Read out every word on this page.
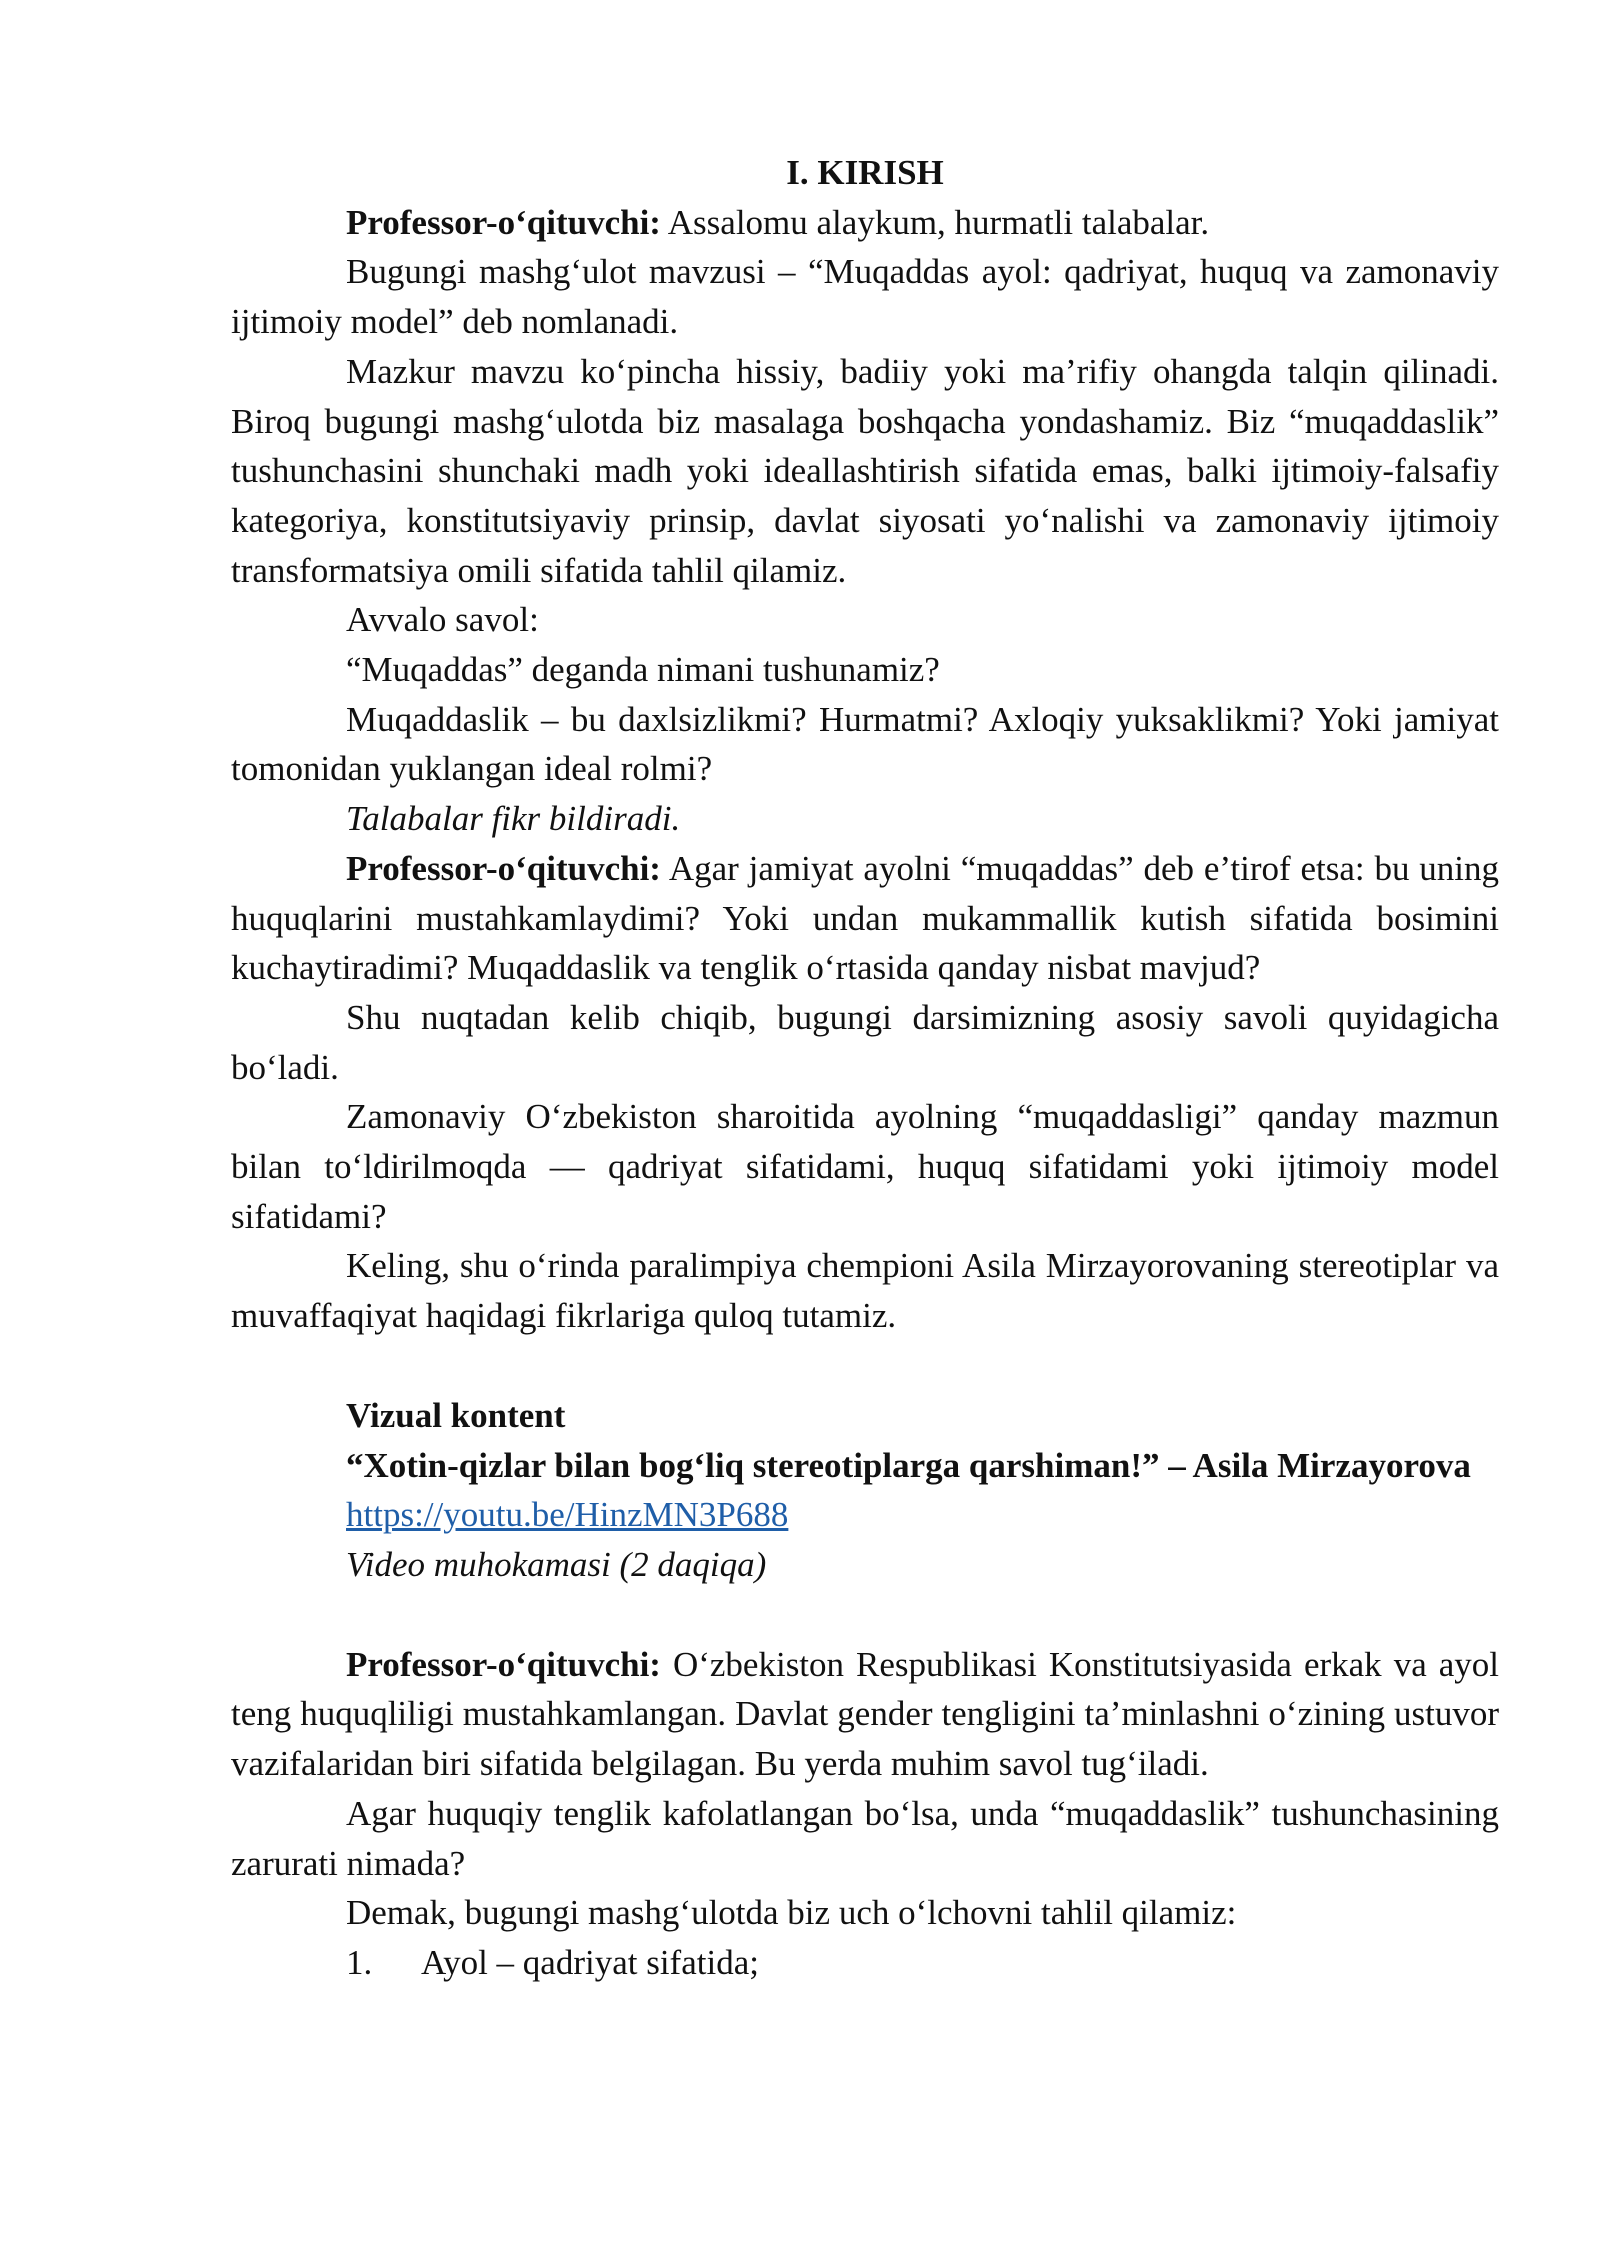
I. KIRISH

Professor-o‘qituvchi: Assalomu alaykum, hurmatli talabalar.

Bugungi mashg‘ulot mavzusi – “Muqaddas ayol: qadriyat, huquq va zamonaviy ijtimoiy model” deb nomlanadi.

Mazkur mavzu ko‘pincha hissiy, badiiy yoki ma’rifiy ohangda talqin qilinadi. Biroq bugungi mashg‘ulotda biz masalaga boshqacha yondashamiz. Biz “muqaddaslik” tushunchasini shunchaki madh yoki ideallashtirish sifatida emas, balki ijtimoiy-falsafiy kategoriya, konstitutsiyaviy prinsip, davlat siyosati yo‘nalishi va zamonaviy ijtimoiy transformatsiya omili sifatida tahlil qilamiz.

Avvalo savol:

“Muqaddas” deganda nimani tushunamiz?

Muqaddaslik – bu daxlsizlikmi? Hurmatmi? Axloqiy yuksaklikmi? Yoki jamiyat tomonidan yuklangan ideal rolmi?

Talabalar fikr bildiradi.

Professor-o‘qituvchi: Agar jamiyat ayolni “muqaddas” deb e’tirof etsa: bu uning huquqlarini mustahkamlaydimi? Yoki undan mukammallik kutish sifatida bosimini kuchaytiradimi? Muqaddaslik va tenglik o‘rtasida qanday nisbat mavjud?

Shu nuqtadan kelib chiqib, bugungi darsimizning asosiy savoli quyidagicha bo‘ladi.

Zamonaviy O‘zbekiston sharoitida ayolning “muqaddasligi” qanday mazmun bilan to‘ldirilmoqda — qadriyat sifatidami, huquq sifatidami yoki ijtimoiy model sifatidami?

Keling, shu o‘rinda paralimpiya chempioni Asila Mirzayorovaning stereotiplar va muvaffaqiyat haqidagi fikrlariga quloq tutamiz.

Vizual kontent

“Xotin-qizlar bilan bog‘liq stereotiplarga qarshiman!” – Asila Mirzayorova

https://youtu.be/HinzMN3P688

Video muhokamasi (2 daqiqa)

Professor-o‘qituvchi: O‘zbekiston Respublikasi Konstitutsiyasida erkak va ayol teng huquqliligi mustahkamlangan. Davlat gender tengligini ta’minlashni o‘zining ustuvor vazifalaridan biri sifatida belgilagan. Bu yerda muhim savol tug‘iladi.

Agar huquqiy tenglik kafolatlangan bo‘lsa, unda “muqaddaslik” tushunchasining zarurati nimada?

Demak, bugungi mashg‘ulotda biz uch o‘lchovni tahlil qilamiz:

1. Ayol – qadriyat sifatida;
